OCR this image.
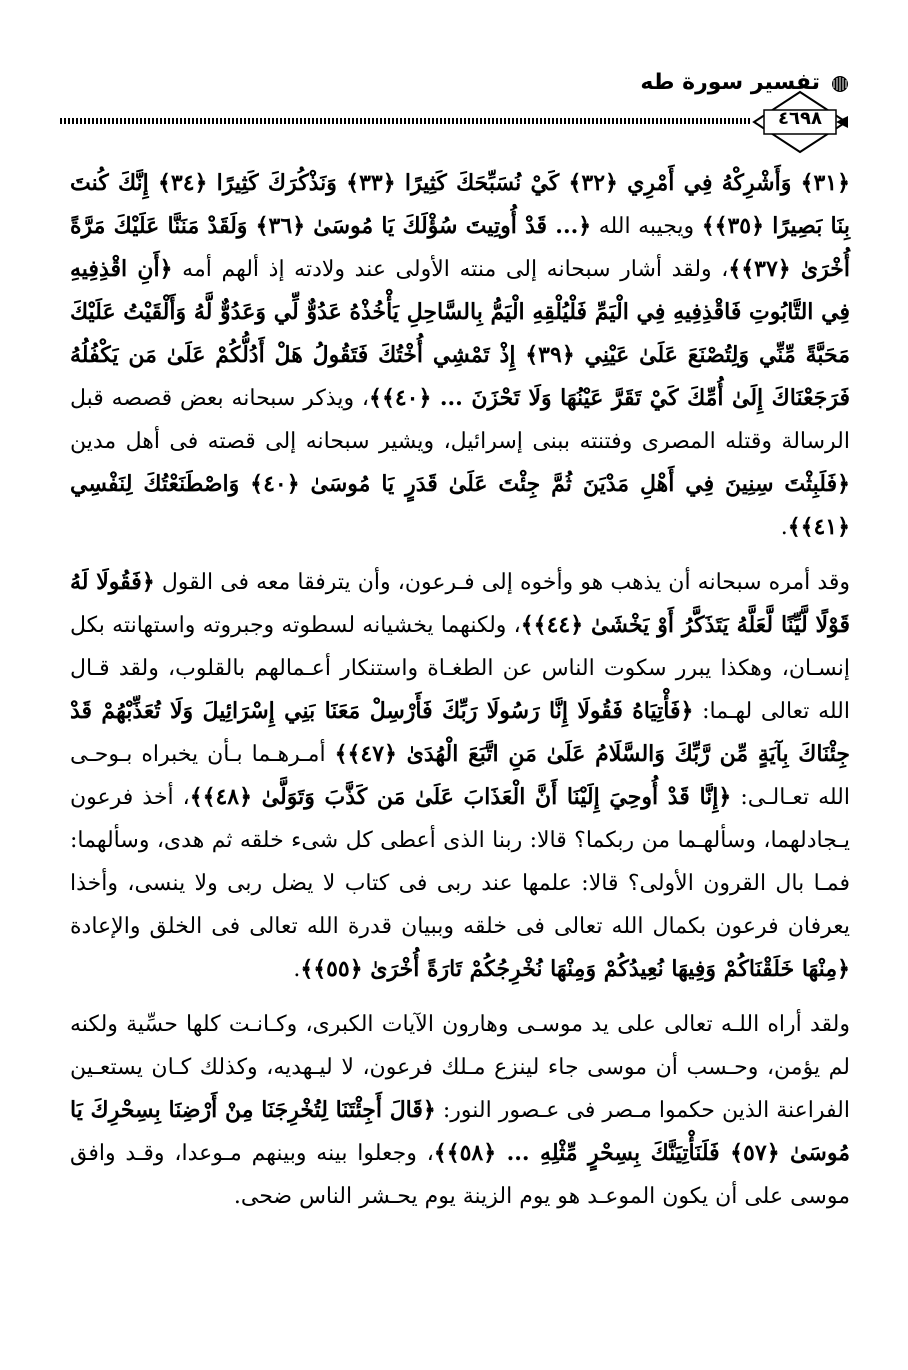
تفسير سورة طه
٤٦٩٨

﴿٣١﴾ وَأَشْرِكْهُ فِي أَمْرِي ﴿٣٢﴾ كَيْ نُسَبِّحَكَ كَثِيرًا ﴿٣٣﴾ وَنَذْكُرَكَ كَثِيرًا ﴿٣٤﴾ إِنَّكَ كُنتَ بِنَا بَصِيرًا ﴿٣٥﴾﴾ ويجيبه الله ﴿... قَدْ أُوتِيتَ سُؤْلَكَ يَا مُوسَىٰ ﴿٣٦﴾ وَلَقَدْ مَنَنَّا عَلَيْكَ مَرَّةً أُخْرَىٰ ﴿٣٧﴾﴾، ولقد أشار سبحانه إلى منته الأولى عند ولادته إذ ألهم أمه ﴿أَنِ اقْذِفِيهِ فِي التَّابُوتِ فَاقْذِفِيهِ فِي الْيَمِّ فَلْيُلْقِهِ الْيَمُّ بِالسَّاحِلِ يَأْخُذْهُ عَدُوٌّ لِّي وَعَدُوٌّ لَّهُ وَأَلْقَيْتُ عَلَيْكَ مَحَبَّةً مِّنِّي وَلِتُصْنَعَ عَلَىٰ عَيْنِي ﴿٣٩﴾ إِذْ تَمْشِي أُخْتُكَ فَتَقُولُ هَلْ أَدُلُّكُمْ عَلَىٰ مَن يَكْفُلُهُ فَرَجَعْنَاكَ إِلَىٰ أُمِّكَ كَيْ تَقَرَّ عَيْنُهَا وَلَا تَحْزَنَ ... ﴿٤٠﴾﴾، ويذكر سبحانه بعض قصصه قبل الرسالة وقتله المصرى وفتنته ببنى إسرائيل، ويشير سبحانه إلى قصته فى أهل مدين ﴿فَلَبِثْتَ سِنِينَ فِي أَهْلِ مَدْيَنَ ثُمَّ جِئْتَ عَلَىٰ قَدَرٍ يَا مُوسَىٰ ﴿٤٠﴾ وَاصْطَنَعْتُكَ لِنَفْسِي ﴿٤١﴾﴾.

وقد أمره سبحانه أن يذهب هو وأخوه إلى فـرعون، وأن يترفقا معه فى القول ﴿فَقُولَا لَهُ قَوْلًا لَّيِّنًا لَّعَلَّهُ يَتَذَكَّرُ أَوْ يَخْشَىٰ ﴿٤٤﴾﴾، ولكنهما يخشيانه لسطوته وجبروته واستهانته بكل إنسـان، وهكذا يبرر سكوت الناس عن الطغـاة واستنكار أعـمالهم بالقلوب، ولقد قـال الله تعالى لهـما: ﴿فَأْتِيَاهُ فَقُولَا إِنَّا رَسُولَا رَبِّكَ فَأَرْسِلْ مَعَنَا بَنِي إِسْرَائِيلَ وَلَا تُعَذِّبْهُمْ قَدْ جِئْنَاكَ بِآيَةٍ مِّن رَّبِّكَ وَالسَّلَامُ عَلَىٰ مَنِ اتَّبَعَ الْهُدَىٰ ﴿٤٧﴾﴾ أمـرهـما بـأن يخبراه بـوحـى الله تعـالـى: ﴿إِنَّا قَدْ أُوحِيَ إِلَيْنَا أَنَّ الْعَذَابَ عَلَىٰ مَن كَذَّبَ وَتَوَلَّىٰ ﴿٤٨﴾﴾، أخذ فرعون يـجادلهما، وسألهـما من ربكما؟ قالا: ربنا الذى أعطى كل شىء خلقه ثم هدى، وسألهما: فمـا بال القرون الأولى؟ قالا: علمها عند ربى فى كتاب لا يضل ربى ولا ينسى، وأخذا يعرفان فرعون بكمال الله تعالى فى خلقه وببيان قدرة الله تعالى فى الخلق والإعادة ﴿مِنْهَا خَلَقْنَاكُمْ وَفِيهَا نُعِيدُكُمْ وَمِنْهَا نُخْرِجُكُمْ تَارَةً أُخْرَىٰ ﴿٥٥﴾﴾.

ولقد أراه اللـه تعالى على يد موسـى وهارون الآيات الكبرى، وكـانـت كلها حسِّية ولكنه لم يؤمن، وحـسب أن موسى جاء لينزع مـلك فرعون، لا ليـهديه، وكذلك كـان يستعـين الفراعنة الذين حكموا مـصر فى عـصور النور: ﴿قَالَ أَجِئْتَنَا لِتُخْرِجَنَا مِنْ أَرْضِنَا بِسِحْرِكَ يَا مُوسَىٰ ﴿٥٧﴾ فَلَنَأْتِيَنَّكَ بِسِحْرٍ مِّثْلِهِ ... ﴿٥٨﴾﴾، وجعلوا بينه وبينهم مـوعدا، وقـد وافق موسى على أن يكون الموعـد هو يوم الزينة يوم يحـشر الناس ضحى.
